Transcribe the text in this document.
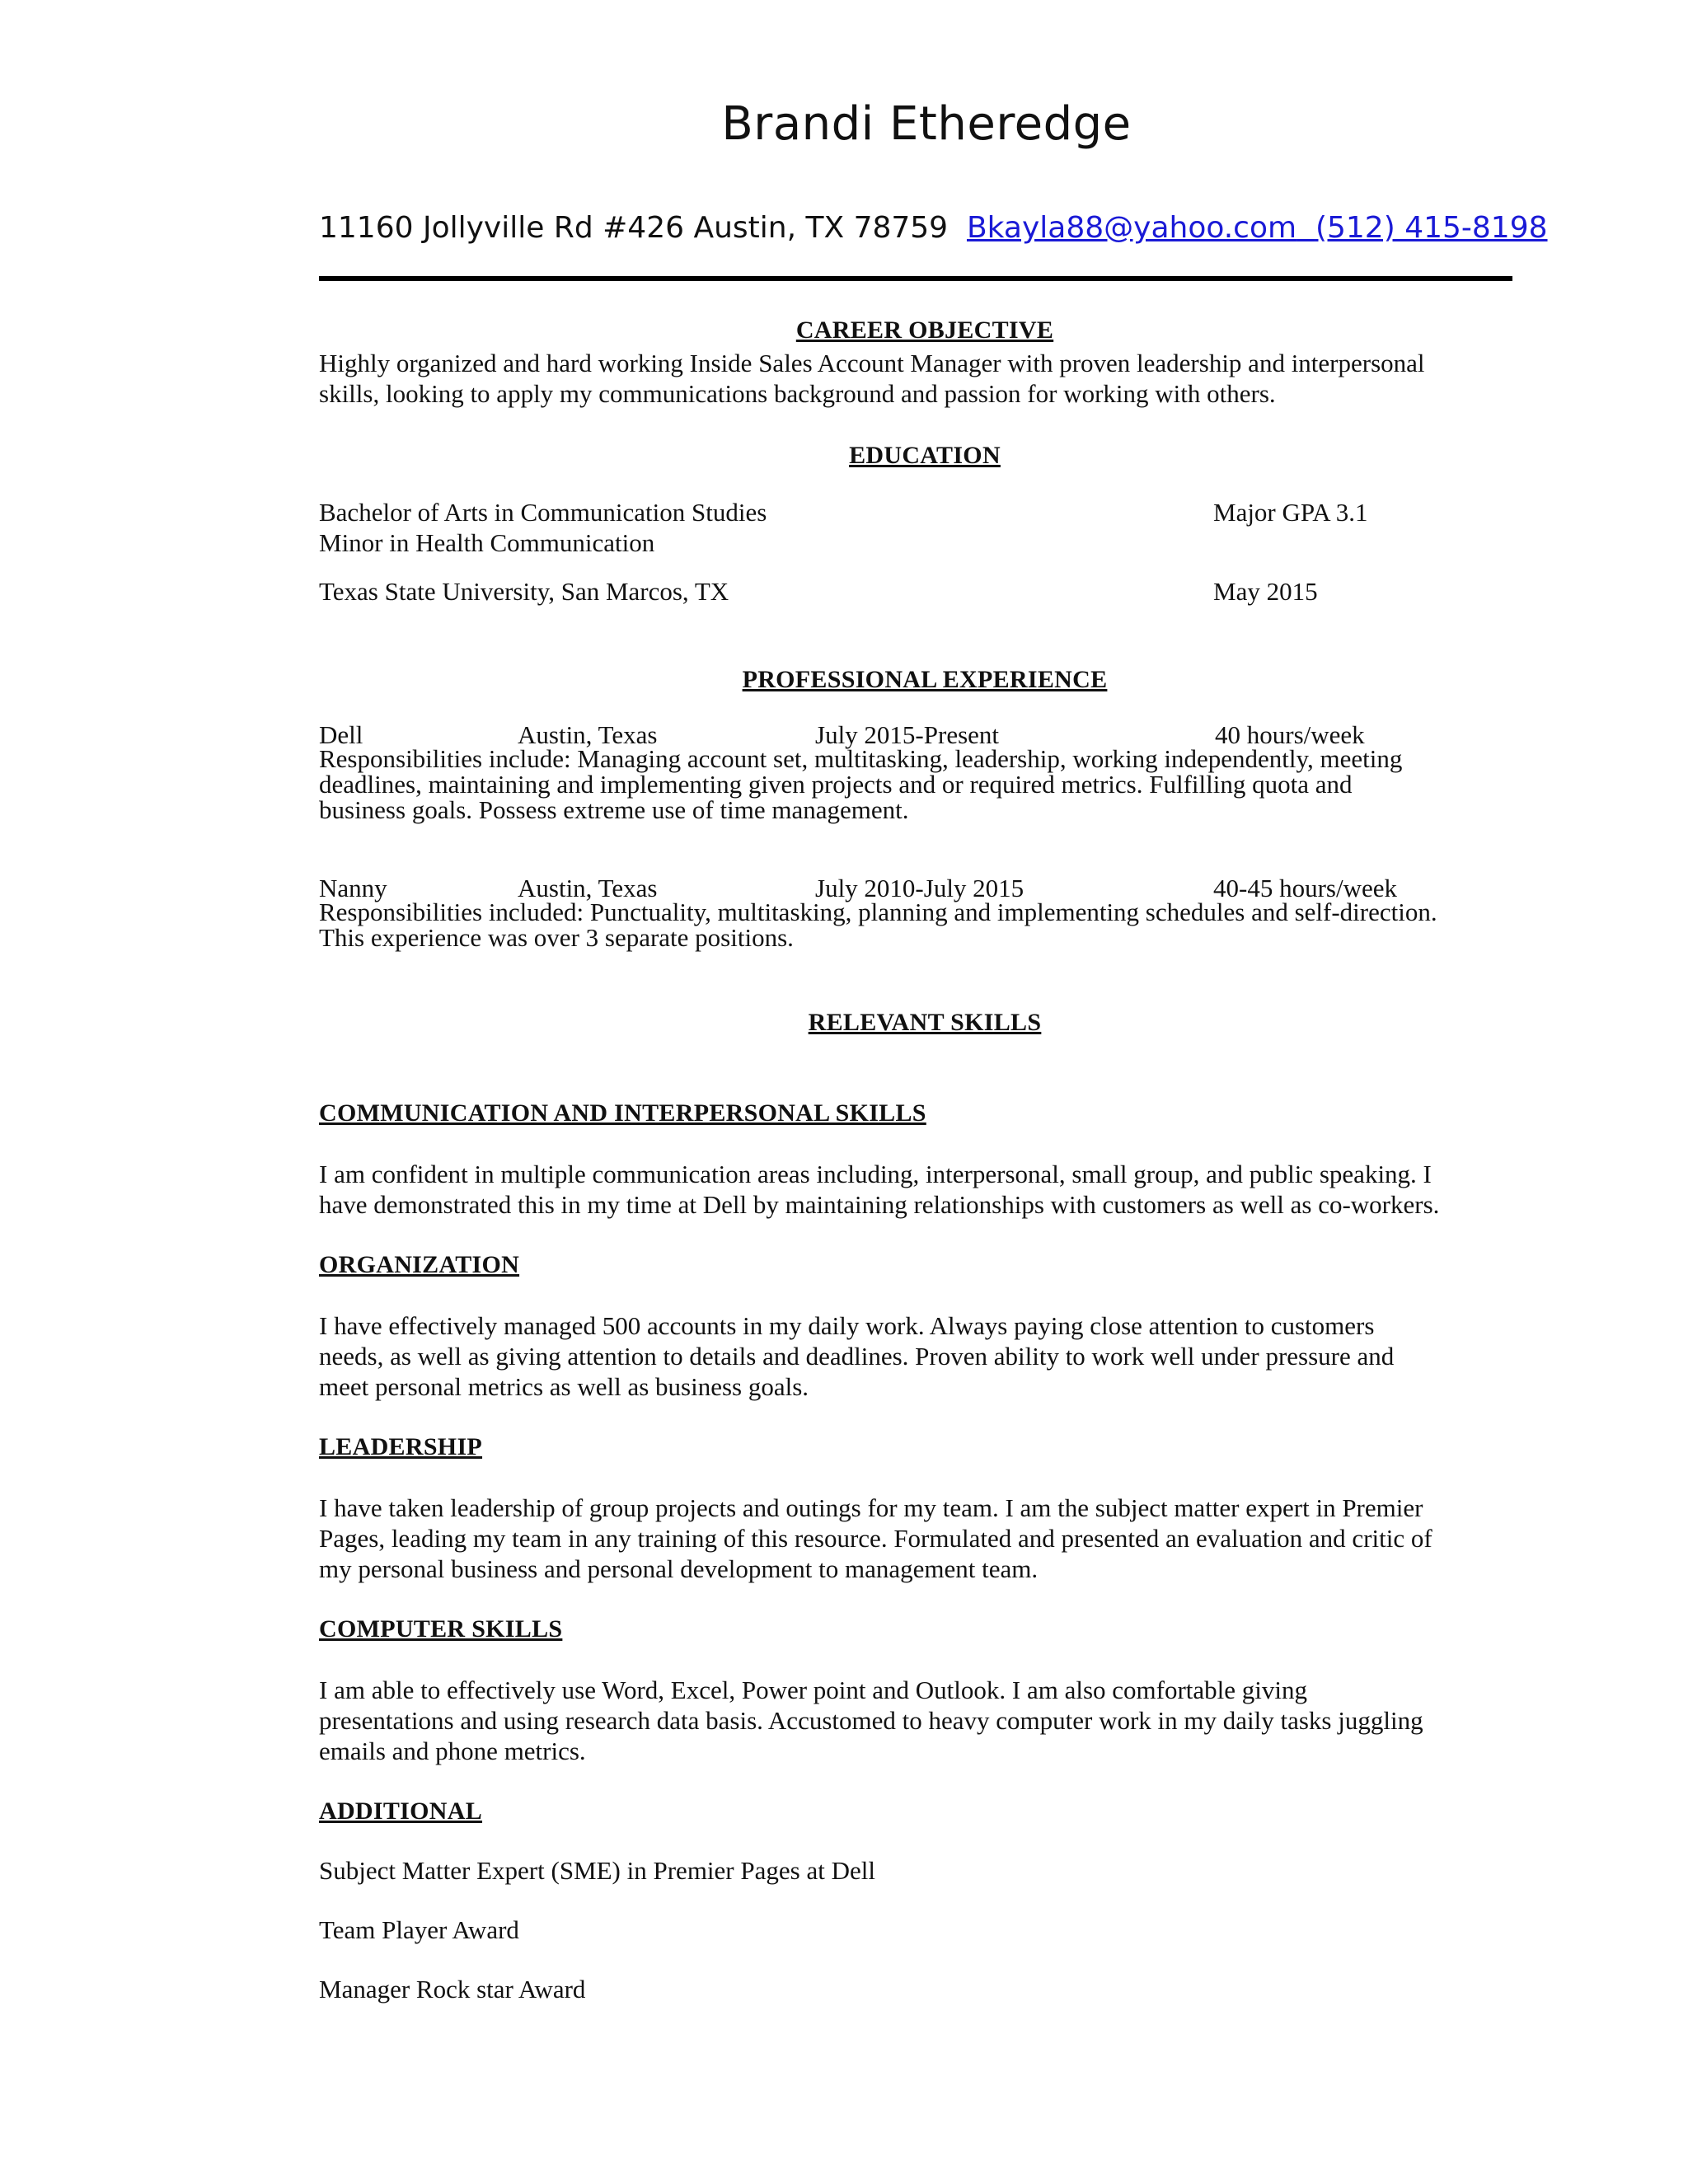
Brandi Etheredge
11160 Jollyville Rd #426 Austin, TX 78759 Bkayla88@yahoo.com (512) 415-8198
CAREER OBJECTIVE
Highly organized and hard working Inside Sales Account Manager with proven leadership and interpersonal
skills, looking to apply my communications background and passion for working with others.
EDUCATION
Bachelor of Arts in Communication Studies	Major GPA 3.1
Minor in Health Communication
Texas State University, San Marcos, TX	May 2015
PROFESSIONAL EXPERIENCE
Dell	Austin, Texas	July 2015-Present	40 hours/week
Responsibilities include: Managing account set, multitasking, leadership, working independently, meeting
deadlines, maintaining and implementing given projects and or required metrics. Fulfilling quota and
business goals. Possess extreme use of time management.
Nanny	Austin, Texas	July 2010-July 2015	40-45 hours/week
Responsibilities included: Punctuality, multitasking, planning and implementing schedules and self-direction.
This experience was over 3 separate positions.
RELEVANT SKILLS
COMMUNICATION AND INTERPERSONAL SKILLS
I am confident in multiple communication areas including, interpersonal, small group, and public speaking. I
have demonstrated this in my time at Dell by maintaining relationships with customers as well as co-workers.
ORGANIZATION
I have effectively managed 500 accounts in my daily work. Always paying close attention to customers
needs, as well as giving attention to details and deadlines. Proven ability to work well under pressure and
meet personal metrics as well as business goals.
LEADERSHIP
I have taken leadership of group projects and outings for my team. I am the subject matter expert in Premier
Pages, leading my team in any training of this resource. Formulated and presented an evaluation and critic of
my personal business and personal development to management team.
COMPUTER SKILLS
I am able to effectively use Word, Excel, Power point and Outlook. I am also comfortable giving
presentations and using research data basis. Accustomed to heavy computer work in my daily tasks juggling
emails and phone metrics.
ADDITIONAL
Subject Matter Expert (SME) in Premier Pages at Dell
Team Player Award
Manager Rock star Award
